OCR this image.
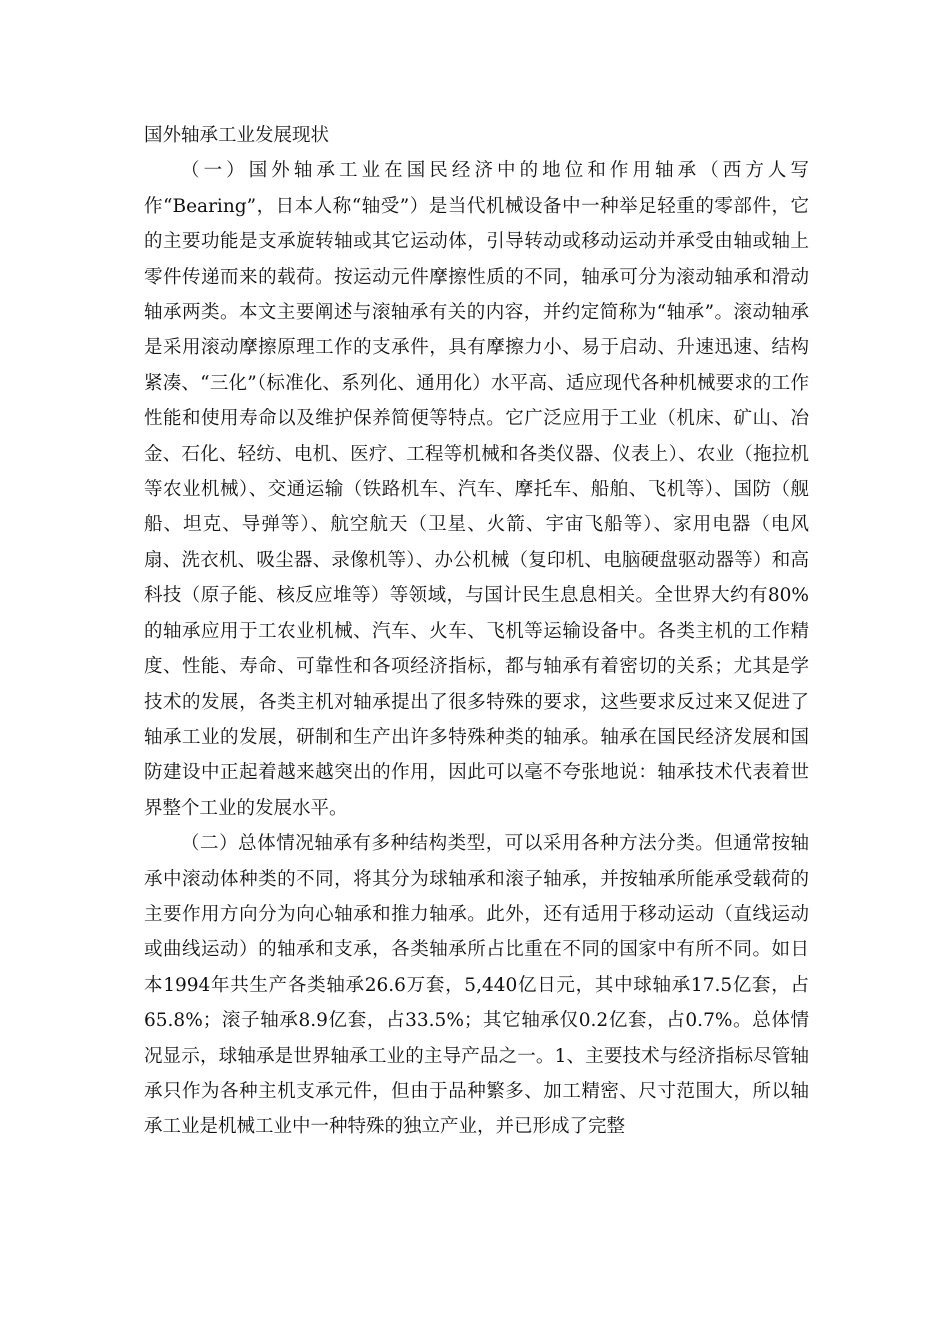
国外轴承工业发展现状

（一）国外轴承工业在国民经济中的地位和作用轴承（西方人写作“Bearing”，日本人称“轴受”）是当代机械设备中一种举足轻重的零部件，它的主要功能是支承旋转轴或其它运动体，引导转动或移动运动并承受由轴或轴上零件传递而来的载荷。按运动元件摩擦性质的不同，轴承可分为滚动轴承和滑动轴承两类。本文主要阐述与滚轴承有关的内容，并约定简称为“轴承”。滚动轴承是采用滚动摩擦原理工作的支承件，具有摩擦力小、易于启动、升速迅速、结构紧凑、“三化”（标准化、系列化、通用化）水平高、适应现代各种机械要求的工作性能和使用寿命以及维护保养简便等特点。它广泛应用于工业（机床、矿山、冶金、石化、轻纺、电机、医疗、工程等机械和各类仪器、仪表上）、农业（拖拉机等农业机械）、交通运输（铁路机车、汽车、摩托车、船舶、飞机等）、国防（舰船、坦克、导弹等）、航空航天（卫星、火箭、宇宙飞船等）、家用电器（电风扇、洗衣机、吸尘器、录像机等）、办公机械（复印机、电脑硬盘驱动器等）和高科技（原子能、核反应堆等）等领域，与国计民生息息相关。全世界大约有80%的轴承应用于工农业机械、汽车、火车、飞机等运输设备中。各类主机的工作精度、性能、寿命、可靠性和各项经济指标，都与轴承有着密切的关系；尤其是学技术的发展，各类主机对轴承提出了很多特殊的要求，这些要求反过来又促进了轴承工业的发展，研制和生产出许多特殊种类的轴承。轴承在国民经济发展和国防建设中正起着越来越突出的作用，因此可以毫不夸张地说：轴承技术代表着世界整个工业的发展水平。

（二）总体情况轴承有多种结构类型，可以采用各种方法分类。但通常按轴承中滚动体种类的不同，将其分为球轴承和滚子轴承，并按轴承所能承受载荷的主要作用方向分为向心轴承和推力轴承。此外，还有适用于移动运动（直线运动或曲线运动）的轴承和支承，各类轴承所占比重在不同的国家中有所不同。如日本1994年共生产各类轴承26.6万套，5,440亿日元，其中球轴承17.5亿套，占65.8%；滚子轴承8.9亿套，占33.5%；其它轴承仅0.2亿套，占0.7%。总体情况显示，球轴承是世界轴承工业的主导产品之一。1、主要技术与经济指标尽管轴承只作为各种主机支承元件，但由于品种繁多、加工精密、尺寸范围大，所以轴承工业是机械工业中一种特殊的独立产业，并已形成了完整
